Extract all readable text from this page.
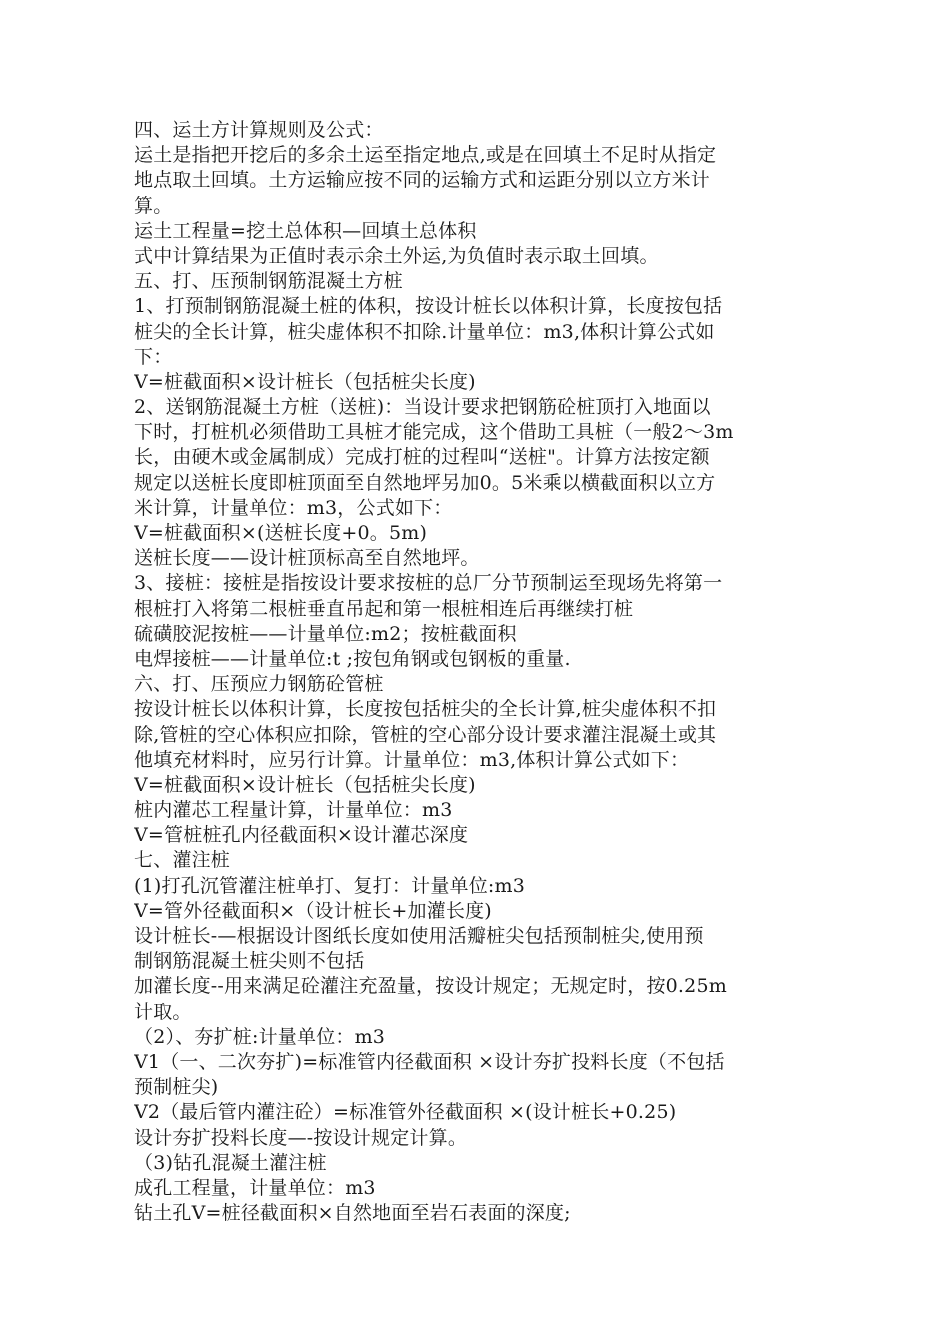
四、运土方计算规则及公式：

运土是指把开挖后的多余土运至指定地点,或是在回填土不足时从指定

地点取土回填。土方运输应按不同的运输方式和运距分别以立方米计

算。

运土工程量=挖土总体积—回填土总体积

式中计算结果为正值时表示余土外运,为负值时表示取土回填。

五、打、压预制钢筋混凝土方桩

1、打预制钢筋混凝土桩的体积，按设计桩长以体积计算，长度按包括

桩尖的全长计算，桩尖虚体积不扣除.计量单位：m3,体积计算公式如

下：

V=桩截面积×设计桩长（包括桩尖长度)

2、送钢筋混凝土方桩（送桩)：当设计要求把钢筋砼桩顶打入地面以

下时，打桩机必须借助工具桩才能完成，这个借助工具桩（一般2～3m

长，由硬木或金属制成）完成打桩的过程叫“送桩"。计算方法按定额

规定以送桩长度即桩顶面至自然地坪另加0。5米乘以横截面积以立方

米计算，计量单位：m3，公式如下：

V=桩截面积×(送桩长度+0。5m)

送桩长度——设计桩顶标高至自然地坪。

3、接桩：接桩是指按设计要求按桩的总厂分节预制运至现场先将第一

根桩打入将第二根桩垂直吊起和第一根桩相连后再继续打桩

硫磺胶泥按桩——计量单位:m2；按桩截面积

电焊接桩——计量单位:t ;按包角钢或包钢板的重量.

六、打、压预应力钢筋砼管桩

按设计桩长以体积计算，长度按包括桩尖的全长计算,桩尖虚体积不扣

除,管桩的空心体积应扣除，管桩的空心部分设计要求灌注混凝土或其

他填充材料时，应另行计算。计量单位：m3,体积计算公式如下：

V=桩截面积×设计桩长（包括桩尖长度)

桩内灌芯工程量计算，计量单位：m3

V=管桩桩孔内径截面积×设计灌芯深度

七、灌注桩

(1)打孔沉管灌注桩单打、复打：计量单位:m3

V=管外径截面积×（设计桩长+加灌长度)

设计桩长-—根据设计图纸长度如使用活瓣桩尖包括预制桩尖,使用预

制钢筋混凝土桩尖则不包括

加灌长度--用来满足砼灌注充盈量，按设计规定；无规定时，按0.25m

计取。

（2）、夯扩桩:计量单位：m3

V1（一、二次夯扩)=标准管内径截面积 ×设计夯扩投料长度（不包括

预制桩尖)

V2（最后管内灌注砼）=标准管外径截面积 ×(设计桩长+0.25)

设计夯扩投料长度—-按设计规定计算。

（3)钻孔混凝土灌注桩

成孔工程量，计量单位：m3

钻土孔V=桩径截面积×自然地面至岩石表面的深度;
